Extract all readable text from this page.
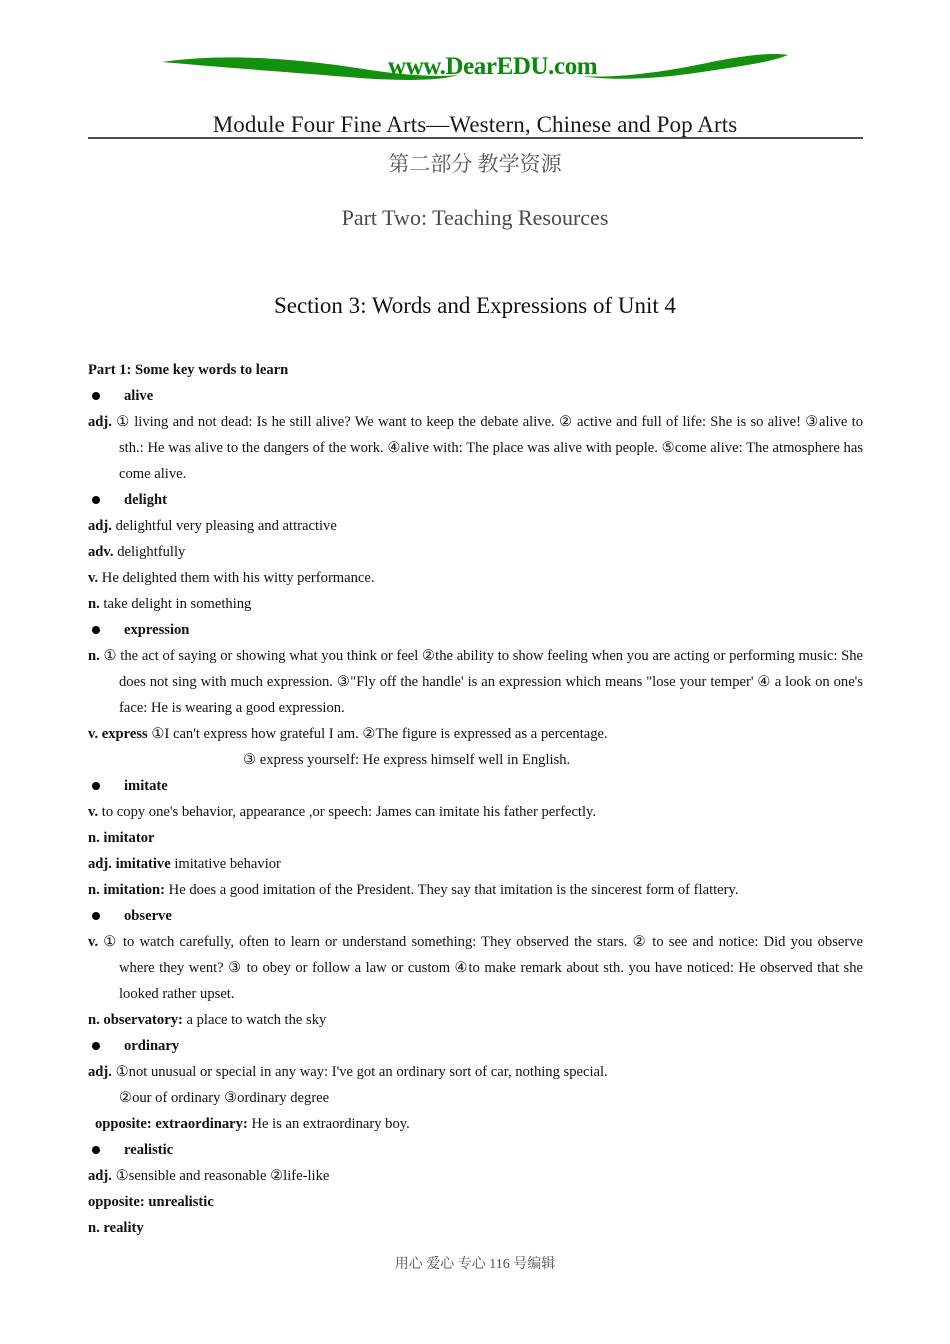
www.DearEDU.com
Module Four Fine Arts—Western, Chinese and Pop Arts
第二部分 教学资源
Part Two: Teaching Resources
Section 3: Words and Expressions of Unit 4

Part 1: Some key words to learn

alive

adj. ① living and not dead: Is he still alive? We want to keep the debate alive. ② active and full of life: She is so alive! ③alive to sth.: He was alive to the dangers of the work. ④alive with: The place was alive with people. ⑤come alive: The atmosphere has come alive.

delight

adj. delightful very pleasing and attractive

adv. delightfully

v. He delighted them with his witty performance.

n. take delight in something

expression

n. ① the act of saying or showing what you think or feel ②the ability to show feeling when you are acting or performing music: She does not sing with much expression. ③"Fly off the handle' is an expression which means "lose your temper' ④ a look on one's face: He is wearing a good expression.

v. express ①I can't express how grateful I am. ②The figure is expressed as a percentage.

③ express yourself: He express himself well in English.

imitate

v. to copy one's behavior, appearance ,or speech: James can imitate his father perfectly.

n. imitator

adj. imitative imitative behavior

n. imitation: He does a good imitation of the President. They say that imitation is the sincerest form of flattery.

observe

v. ① to watch carefully, often to learn or understand something: They observed the stars. ② to see and notice: Did you observe where they went? ③ to obey or follow a law or custom ④to make remark about sth. you have noticed: He observed that she looked rather upset.

n. observatory: a place to watch the sky

ordinary

adj. ①not unusual or special in any way: I've got an ordinary sort of car, nothing special.

②our of ordinary ③ordinary degree

opposite: extraordinary: He is an extraordinary boy.

realistic

adj. ①sensible and reasonable ②life-like

opposite: unrealistic

n. reality

用心 爱心 专心 116 号编辑
